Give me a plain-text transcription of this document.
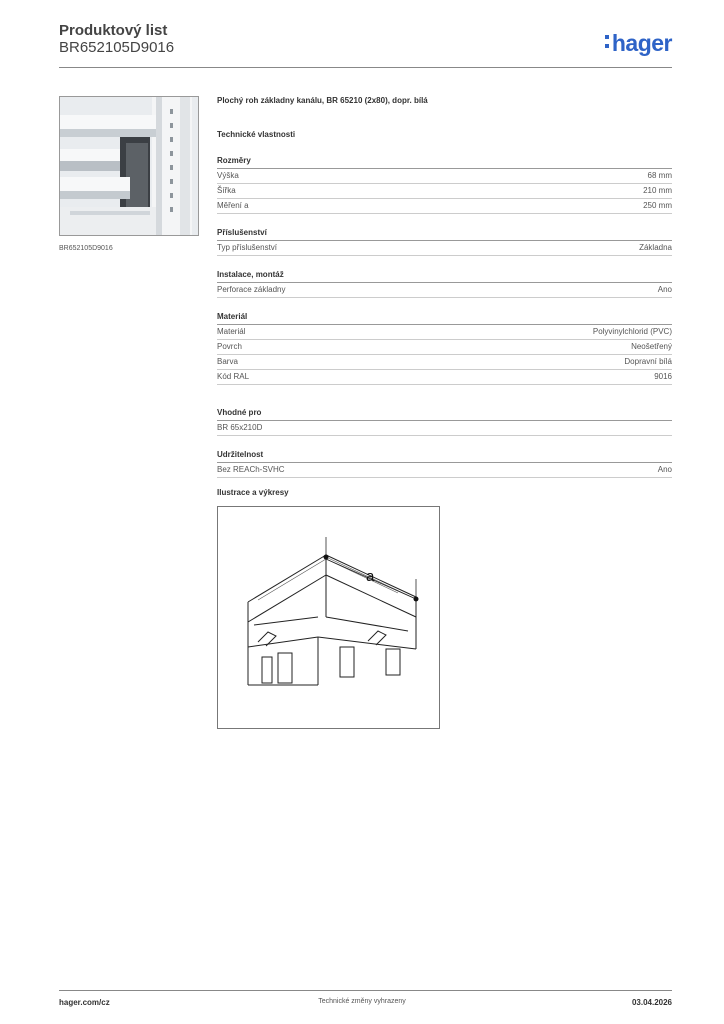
Produktový list
BR652105D9016	hager
BR652105D9016
Plochý roh základny kanálu, BR 65210 (2x80), dopr. bílá
Technické vlastnosti
Rozměry
Výška	68 mm
Šířka	210 mm
Měření a	250 mm
Příslušenství
Typ příslušenství	Základna
Instalace, montáž
Perforace základny	Ano
Materiál
Materiál	Polyvinylchlorid (PVC)
Povrch	Neošetřený
Barva	Dopravní bílá
Kód RAL	9016
Vhodné pro
BR 65x210D
Udržitelnost
Bez REACh-SVHC	Ano
Ilustrace a výkresy
a
hager.com/cz	Technické změny vyhrazeny	03.04.2026
